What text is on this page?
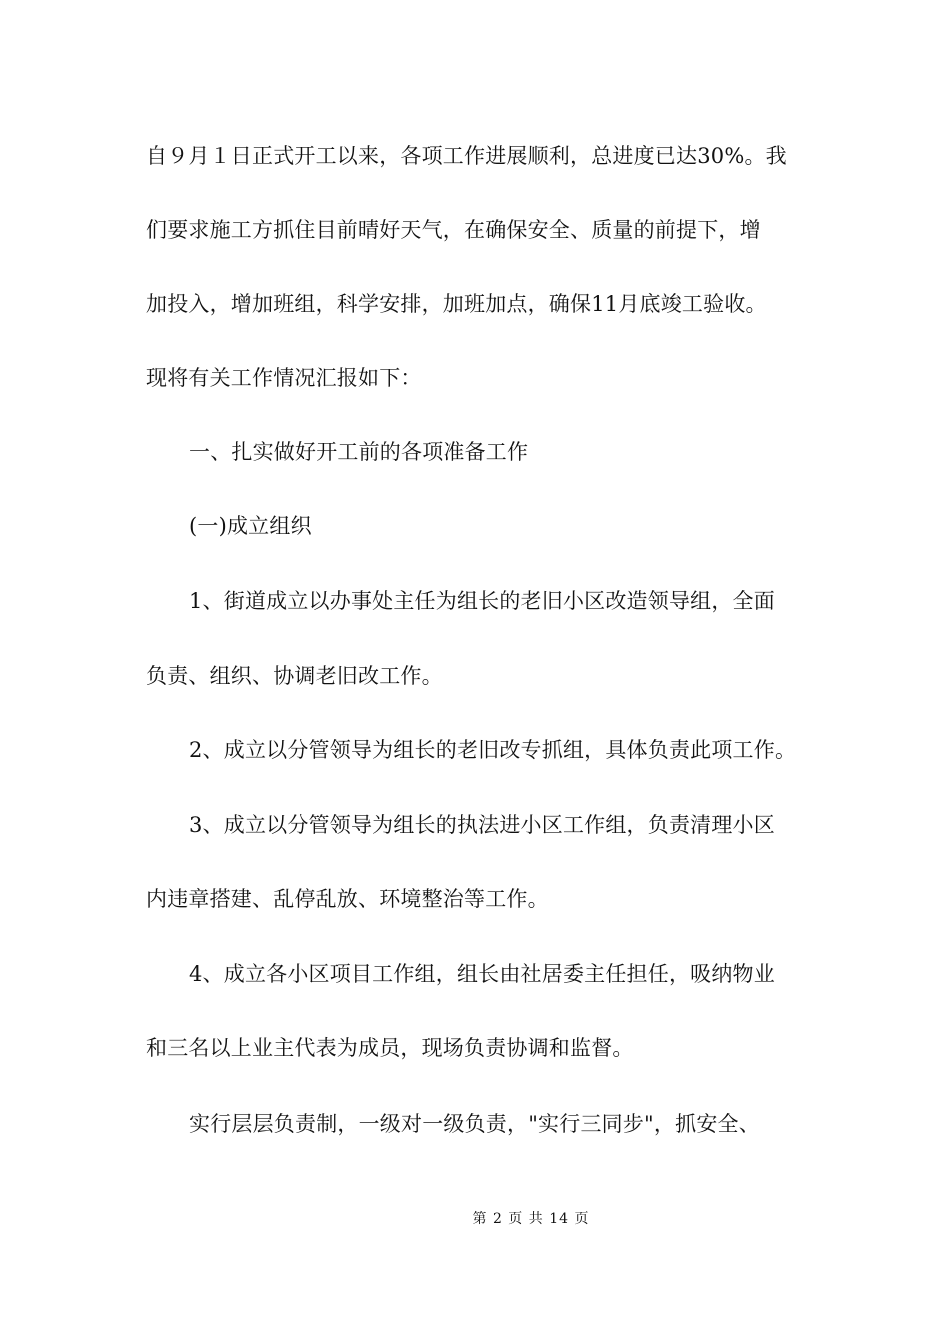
自９月１日正式开工以来，各项工作进展顺利，总进度已达30%。我
们要求施工方抓住目前晴好天气，在确保安全、质量的前提下，增
加投入，增加班组，科学安排，加班加点，确保11月底竣工验收。
现将有关工作情况汇报如下：
一、扎实做好开工前的各项准备工作
(一)成立组织
1、街道成立以办事处主任为组长的老旧小区改造领导组，全面
负责、组织、协调老旧改工作。
2、成立以分管领导为组长的老旧改专抓组，具体负责此项工作。
3、成立以分管领导为组长的执法进小区工作组，负责清理小区
内违章搭建、乱停乱放、环境整治等工作。
4、成立各小区项目工作组，组长由社居委主任担任，吸纳物业
和三名以上业主代表为成员，现场负责协调和监督。
实行层层负责制，一级对一级负责，"实行三同步"，抓安全、
第 2 页 共 14 页
